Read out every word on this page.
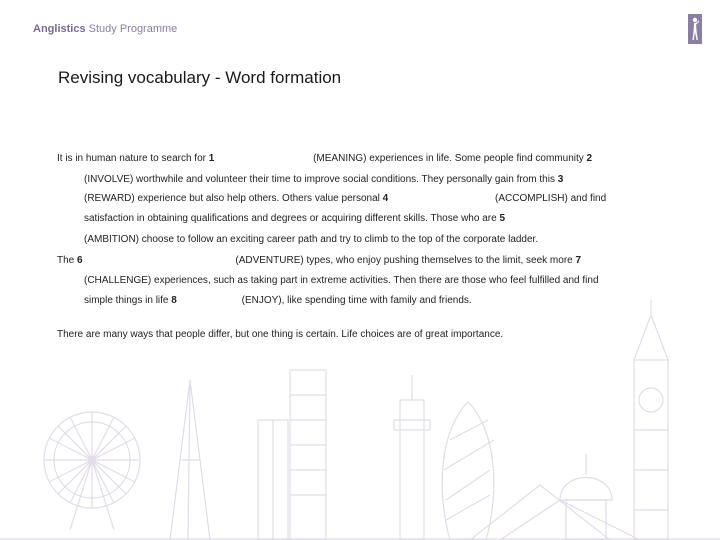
Anglistics Study Programme
Revising vocabulary - Word formation
It is in human nature to search for 1	(MEANING) experiences in life. Some people find community 2
(INVOLVE) worthwhile and volunteer their time to improve social conditions. They personally gain from this 3
(REWARD) experience but also help others. Others value personal 4	(ACCOMPLISH) and find
satisfaction in obtaining qualifications and degrees or acquiring different skills. Those who are 5
(AMBITION) choose to follow an exciting career path and try to climb to the top of the corporate ladder.
The 6	(ADVENTURE) types, who enjoy pushing themselves to the limit, seek more 7
(CHALLENGE) experiences, such as taking part in extreme activities. Then there are those who feel fulfilled and find
simple things in life 8	(ENJOY), like spending time with family and friends.
There are many ways that people differ, but one thing is certain. Life choices are of great importance.
